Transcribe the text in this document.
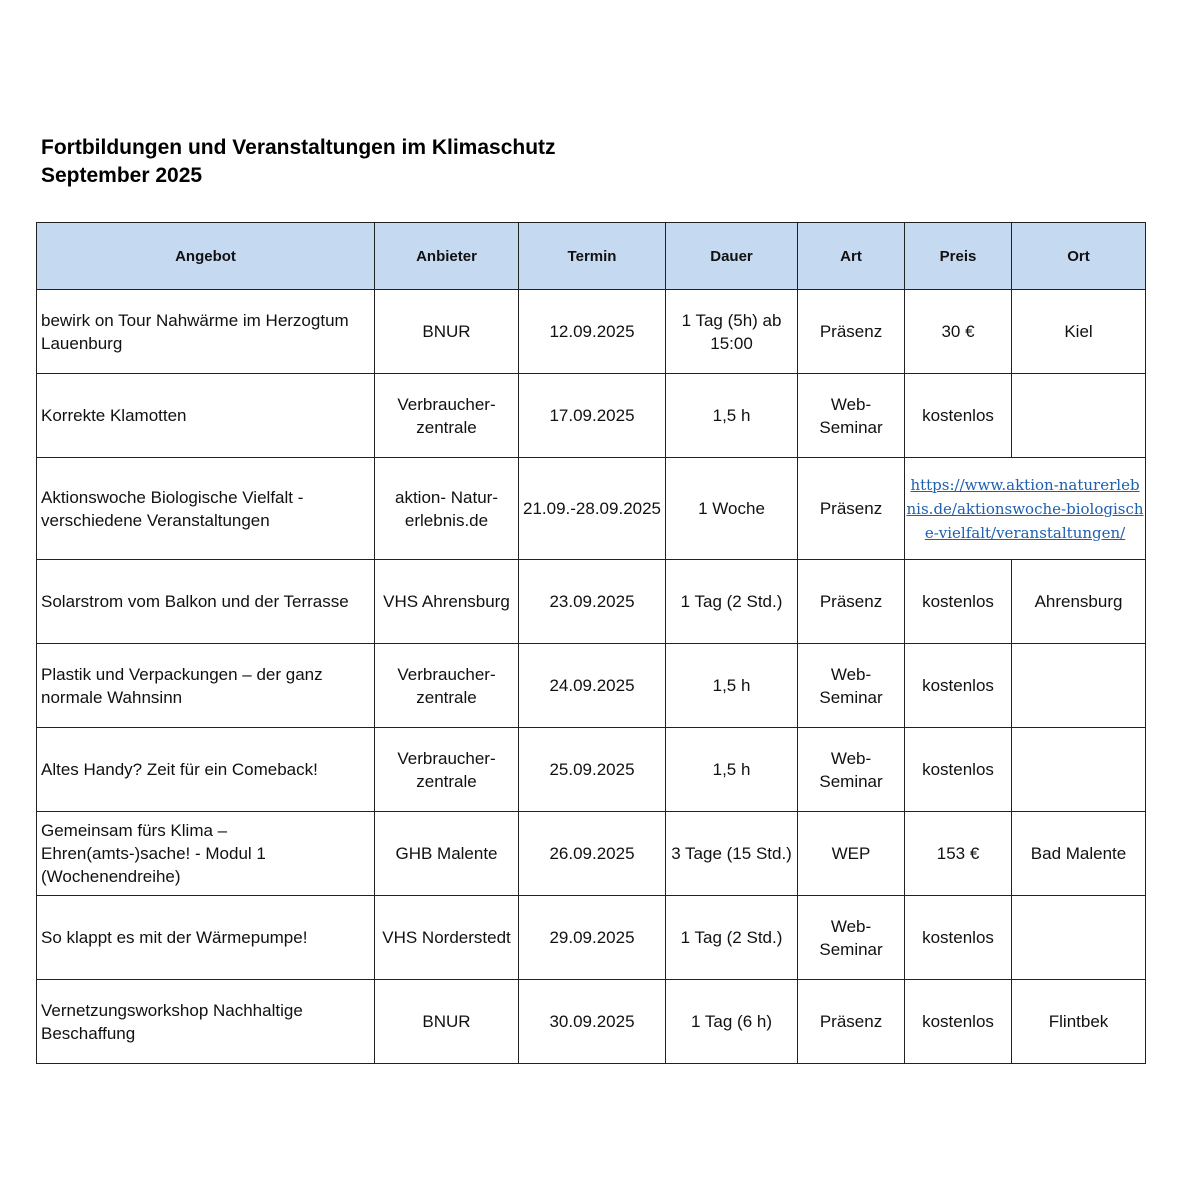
Fortbildungen und Veranstaltungen im Klimaschutz
September 2025
Angebot	Anbieter	Termin	Dauer	Art	Preis	Ort
bewirk on Tour Nahwärme im Herzogtum Lauenburg	BNUR	12.09.2025	1 Tag (5h) ab 15:00	Präsenz	30 €	Kiel
Korrekte Klamotten	Verbraucher-zentrale	17.09.2025	1,5 h	Web-Seminar	kostenlos	
Aktionswoche Biologische Vielfalt - verschiedene Veranstaltungen	aktion- Natur-erlebnis.de	21.09.-28.09.2025	1 Woche	Präsenz	https://www.aktion-naturerlebnis.de/aktionswoche-biologische-vielfalt/veranstaltungen/	
Solarstrom vom Balkon und der Terrasse	VHS Ahrensburg	23.09.2025	1 Tag (2 Std.)	Präsenz	kostenlos	Ahrensburg
Plastik und Verpackungen – der ganz normale Wahnsinn	Verbraucher-zentrale	24.09.2025	1,5 h	Web-Seminar	kostenlos	
Altes Handy? Zeit für ein Comeback!	Verbraucher-zentrale	25.09.2025	1,5 h	Web-Seminar	kostenlos	
Gemeinsam fürs Klima – Ehren(amts-)sache! - Modul 1 (Wochenendreihe)	GHB Malente	26.09.2025	3 Tage (15 Std.)	WEP	153 €	Bad Malente
So klappt es mit der Wärmepumpe!	VHS Norderstedt	29.09.2025	1 Tag (2 Std.)	Web-Seminar	kostenlos	
Vernetzungsworkshop Nachhaltige Beschaffung	BNUR	30.09.2025	1 Tag (6 h)	Präsenz	kostenlos	Flintbek
